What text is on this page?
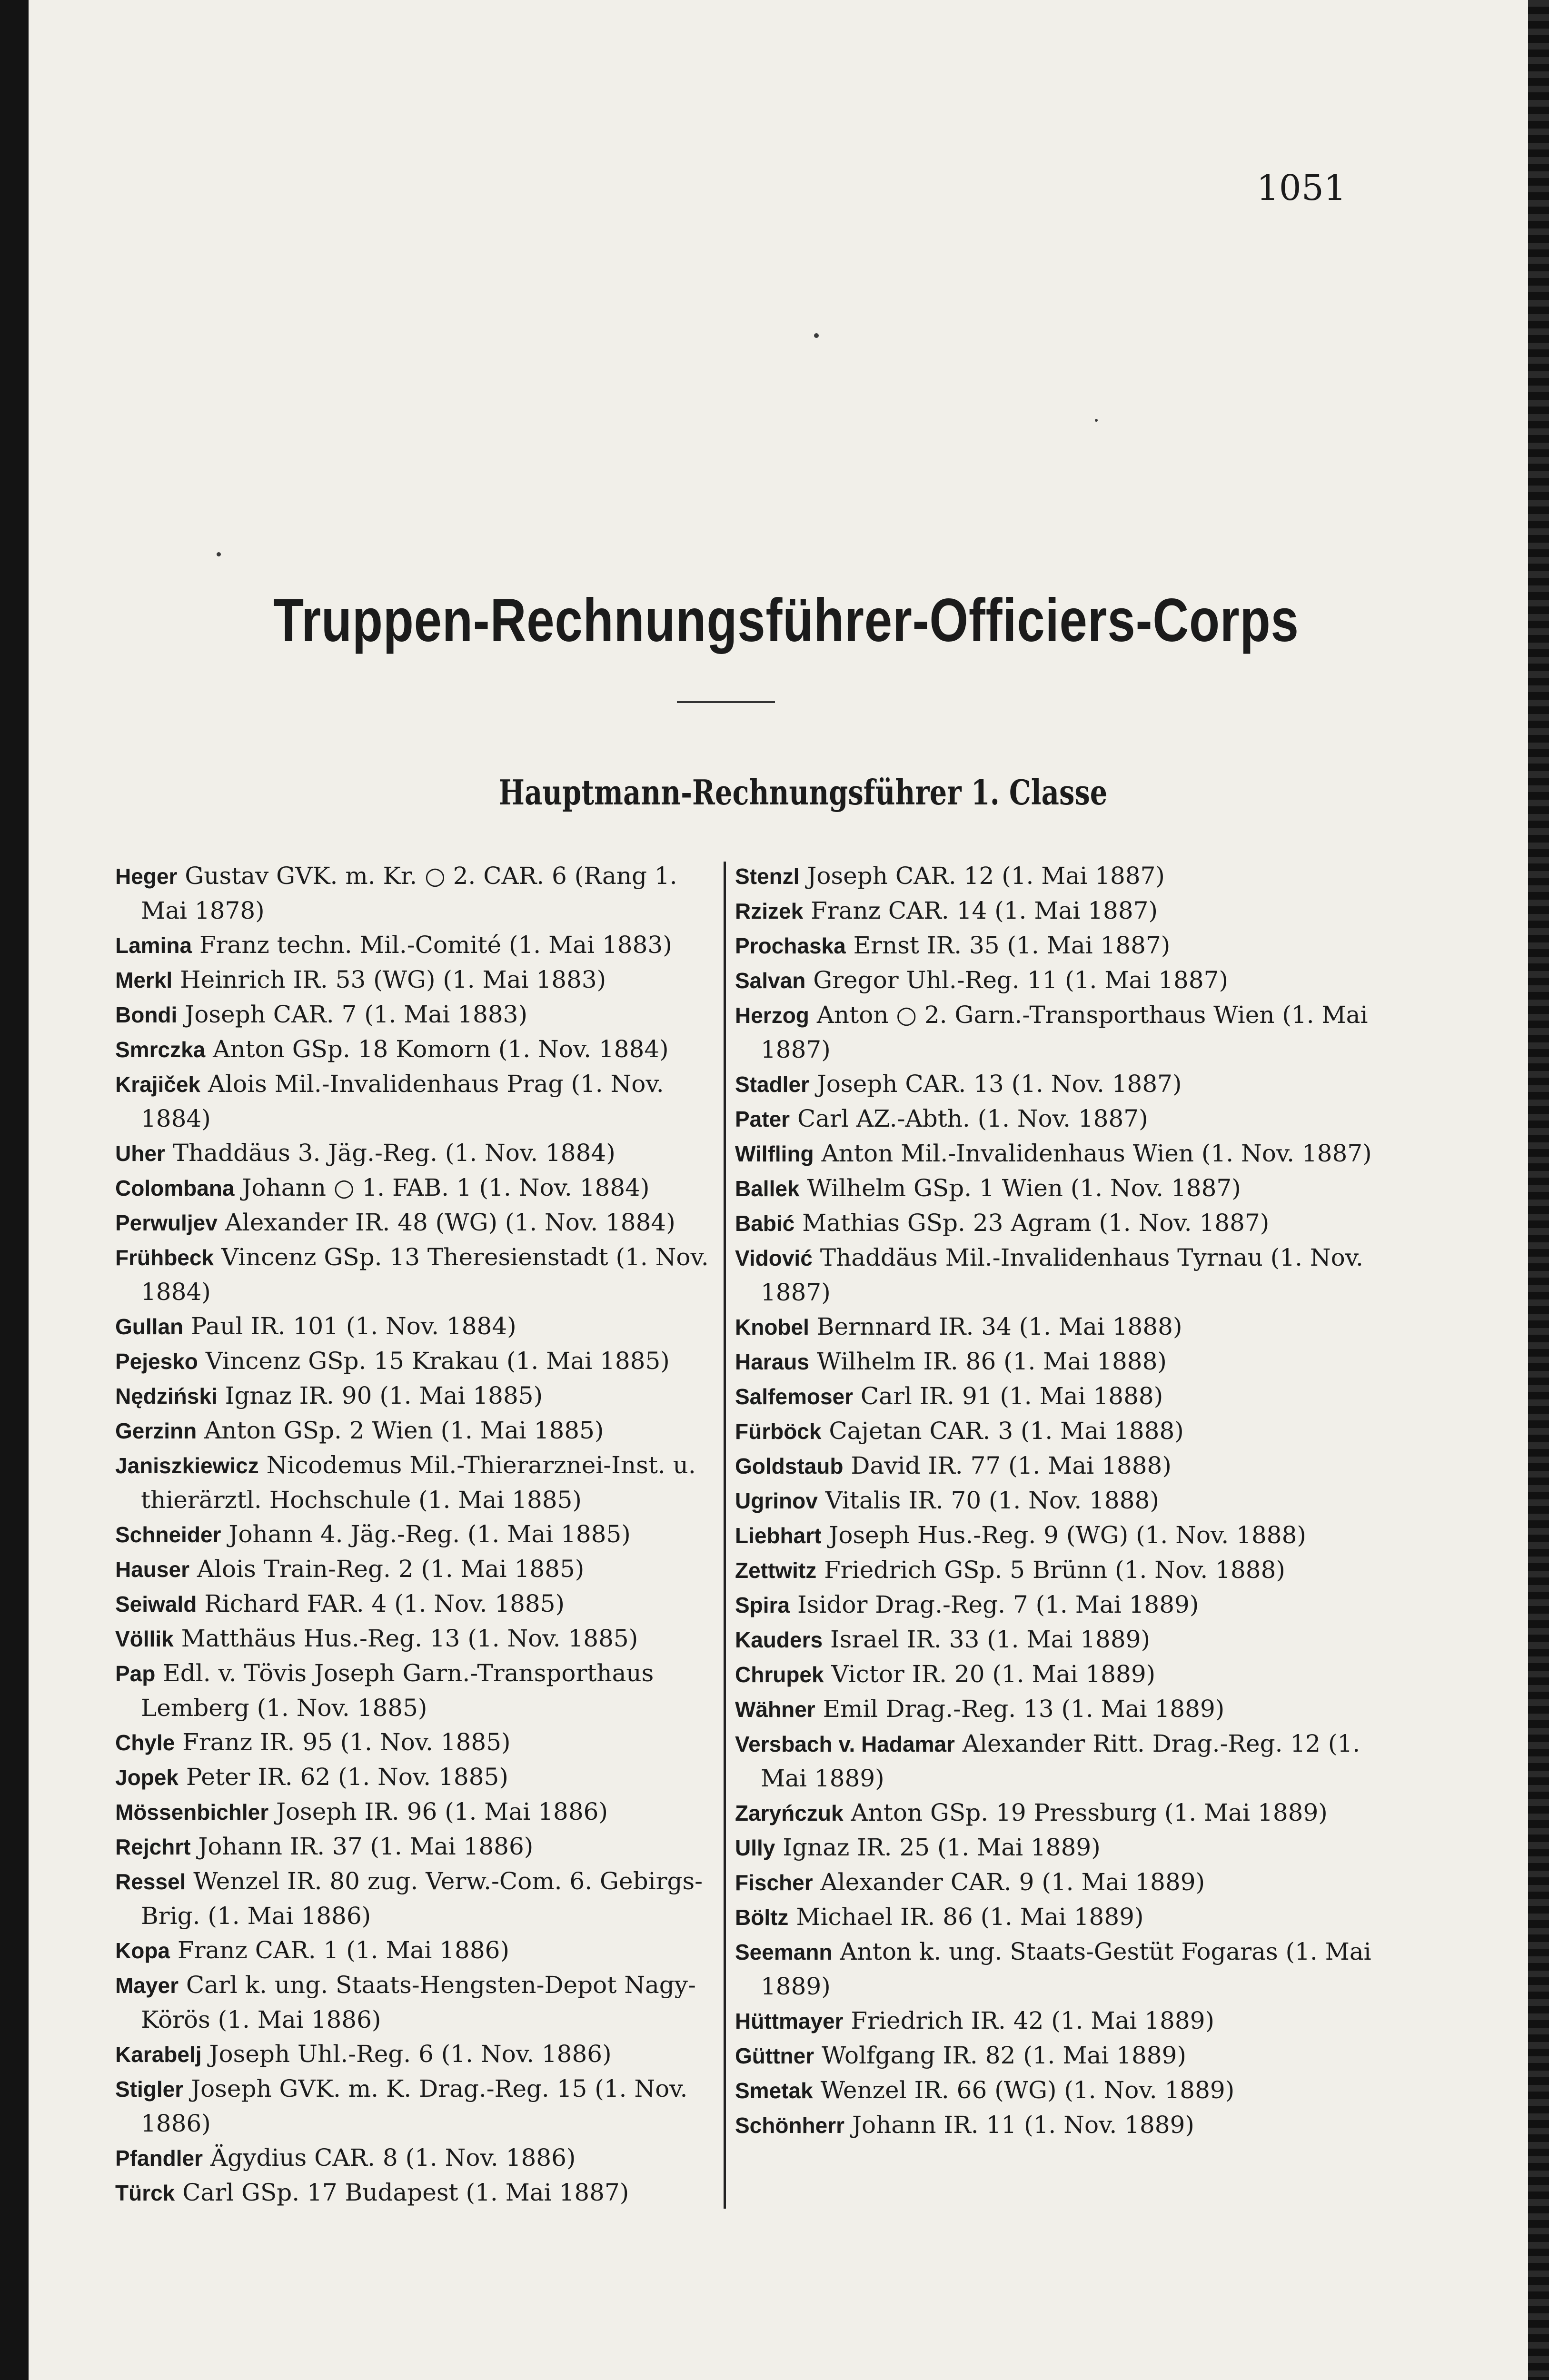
1051
Truppen-Rechnungsführer-Officiers-Corps
Hauptmann-Rechnungsführer 1. Classe
Heger Gustav GVK. m. Kr. ○ 2. CAR. 6 (Rang 1. Mai 1878)
Lamina Franz techn. Mil.-Comité (1. Mai 1883)
Merkl Heinrich IR. 53 (WG) (1. Mai 1883)
Bondi Joseph CAR. 7 (1. Mai 1883)
Smrczka Anton GSp. 18 Komorn (1. Nov. 1884)
Krajiček Alois Mil.-Invalidenhaus Prag (1. Nov. 1884)
Uher Thaddäus 3. Jäg.-Reg. (1. Nov. 1884)
Colombana Johann ○ 1. FAB. 1 (1. Nov. 1884)
Perwuljev Alexander IR. 48 (WG) (1. Nov. 1884)
Frühbeck Vincenz GSp. 13 Theresienstadt (1. Nov. 1884)
Gullan Paul IR. 101 (1. Nov. 1884)
Pejesko Vincenz GSp. 15 Krakau (1. Mai 1885)
Nędziński Ignaz IR. 90 (1. Mai 1885)
Gerzinn Anton GSp. 2 Wien (1. Mai 1885)
Janiszkiewicz Nicodemus Mil.-Thierarznei-Inst. u. thierärztl. Hochschule (1. Mai 1885)
Schneider Johann 4. Jäg.-Reg. (1. Mai 1885)
Hauser Alois Train-Reg. 2 (1. Mai 1885)
Seiwald Richard FAR. 4 (1. Nov. 1885)
Völlik Matthäus Hus.-Reg. 13 (1. Nov. 1885)
Pap Edl. v. Tövis Joseph Garn.-Transporthaus Lemberg (1. Nov. 1885)
Chyle Franz IR. 95 (1. Nov. 1885)
Jopek Peter IR. 62 (1. Nov. 1885)
Mössenbichler Joseph IR. 96 (1. Mai 1886)
Rejchrt Johann IR. 37 (1. Mai 1886)
Ressel Wenzel IR. 80 zug. Verw.-Com. 6. Gebirgs-Brig. (1. Mai 1886)
Kopa Franz CAR. 1 (1. Mai 1886)
Mayer Carl k. ung. Staats-Hengsten-Depot Nagy-Körös (1. Mai 1886)
Karabelj Joseph Uhl.-Reg. 6 (1. Nov. 1886)
Stigler Joseph GVK. m. K. Drag.-Reg. 15 (1. Nov. 1886)
Pfandler Ägydius CAR. 8 (1. Nov. 1886)
Türck Carl GSp. 17 Budapest (1. Mai 1887)
Stenzl Joseph CAR. 12 (1. Mai 1887)
Rzizek Franz CAR. 14 (1. Mai 1887)
Prochaska Ernst IR. 35 (1. Mai 1887)
Salvan Gregor Uhl.-Reg. 11 (1. Mai 1887)
Herzog Anton ○ 2. Garn.-Transporthaus Wien (1. Mai 1887)
Stadler Joseph CAR. 13 (1. Nov. 1887)
Pater Carl AZ.-Abth. (1. Nov. 1887)
Wilfling Anton Mil.-Invalidenhaus Wien (1. Nov. 1887)
Ballek Wilhelm GSp. 1 Wien (1. Nov. 1887)
Babić Mathias GSp. 23 Agram (1. Nov. 1887)
Vidović Thaddäus Mil.-Invalidenhaus Tyrnau (1. Nov. 1887)
Knobel Bernnard IR. 34 (1. Mai 1888)
Haraus Wilhelm IR. 86 (1. Mai 1888)
Salfemoser Carl IR. 91 (1. Mai 1888)
Fürböck Cajetan CAR. 3 (1. Mai 1888)
Goldstaub David IR. 77 (1. Mai 1888)
Ugrinov Vitalis IR. 70 (1. Nov. 1888)
Liebhart Joseph Hus.-Reg. 9 (WG) (1. Nov. 1888)
Zettwitz Friedrich GSp. 5 Brünn (1. Nov. 1888)
Spira Isidor Drag.-Reg. 7 (1. Mai 1889)
Kauders Israel IR. 33 (1. Mai 1889)
Chrupek Victor IR. 20 (1. Mai 1889)
Wähner Emil Drag.-Reg. 13 (1. Mai 1889)
Versbach v. Hadamar Alexander Ritt. Drag.-Reg. 12 (1. Mai 1889)
Zaryńczuk Anton GSp. 19 Pressburg (1. Mai 1889)
Ully Ignaz IR. 25 (1. Mai 1889)
Fischer Alexander CAR. 9 (1. Mai 1889)
Böltz Michael IR. 86 (1. Mai 1889)
Seemann Anton k. ung. Staats-Gestüt Fogaras (1. Mai 1889)
Hüttmayer Friedrich IR. 42 (1. Mai 1889)
Güttner Wolfgang IR. 82 (1. Mai 1889)
Smetak Wenzel IR. 66 (WG) (1. Nov. 1889)
Schönherr Johann IR. 11 (1. Nov. 1889)
